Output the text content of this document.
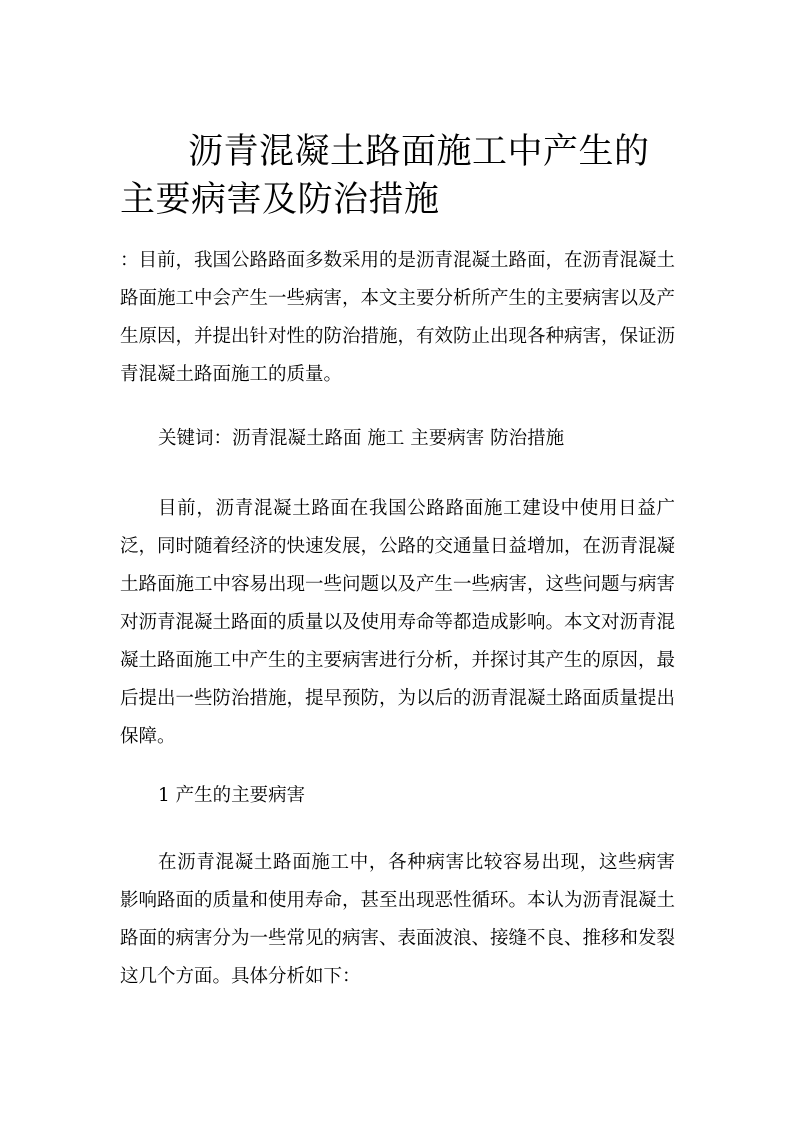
沥青混凝土路面施工中产生的主要病害及防治措施

：目前，我国公路路面多数采用的是沥青混凝土路面，在沥青混凝土路面施工中会产生一些病害，本文主要分析所产生的主要病害以及产生原因，并提出针对性的防治措施，有效防止出现各种病害，保证沥青混凝土路面施工的质量。

关键词：沥青混凝土路面 施工 主要病害 防治措施

目前，沥青混凝土路面在我国公路路面施工建设中使用日益广泛，同时随着经济的快速发展，公路的交通量日益增加，在沥青混凝土路面施工中容易出现一些问题以及产生一些病害，这些问题与病害对沥青混凝土路面的质量以及使用寿命等都造成影响。本文对沥青混凝土路面施工中产生的主要病害进行分析，并探讨其产生的原因，最后提出一些防治措施，提早预防，为以后的沥青混凝土路面质量提出保障。

1 产生的主要病害

在沥青混凝土路面施工中，各种病害比较容易出现，这些病害影响路面的质量和使用寿命，甚至出现恶性循环。本认为沥青混凝土路面的病害分为一些常见的病害、表面波浪、接缝不良、推移和发裂这几个方面。具体分析如下：
